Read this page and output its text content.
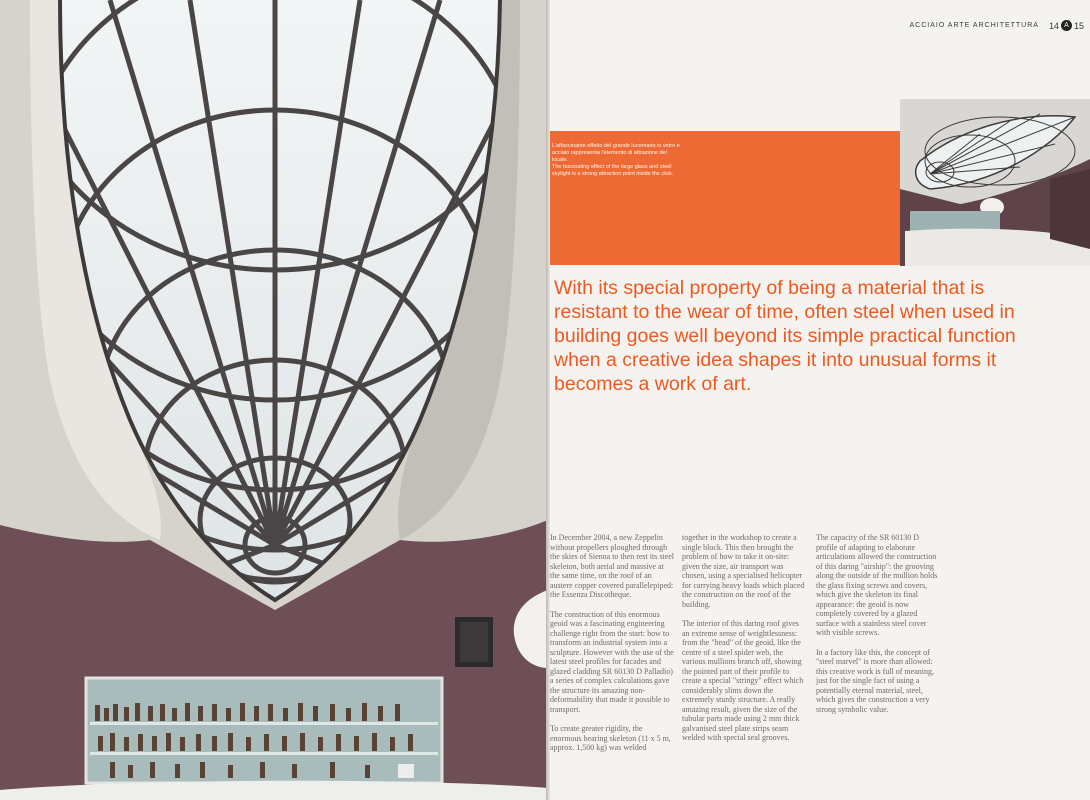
ACCIAIO ARTE ARCHITETTURA 14 A 15

L'affascinante effetto del grande lucernario in vetro e acciaio rappresenta l'elemento di attrazione del locale.

The fascinating effect of the large glass and steel skylight is a strong attraction point inside the club.

With its special property of being a material that is resistant to the wear of time, often steel when used in building goes well beyond its simple practical function when a creative idea shapes it into unusual forms it becomes a work of art.

In December 2004, a new Zeppelin without propellers ploughed through the skies of Sienna to then rest its steel skeleton, both aerial and massive at the same time, on the roof of an austere copper covered parallelepiped: the Essenza Discotheque.

The construction of this enormous geoid was a fascinating engineering challenge right from the start: how to transform an industrial system into a sculpture. However with the use of the latest steel profiles for facades and glazed cladding SR 60130 D Palladio) a series of complex calculations gave the structure its amazing non-deformability that made it possible to transport.

To create greater rigidity, the enormous bearing skeleton (11 x 5 m, approx. 1,500 kg) was welded

together in the workshop to create a single block. This then brought the problem of how to take it on-site: given the size, air transport was chosen, using a specialised helicopter for carrying heavy loads which placed the construction on the roof of the building.

The interior of this daring roof gives an extreme sense of weightlessness: from the "head" of the geoid, like the centre of a steel spider web, the various mullions branch off, showing the pointed part of their profile to create a special "stringy" effect which considerably slims down the extremely sturdy structure. A really amazing result, given the size of the tubular parts made using 2 mm thick galvanised steel plate strips seam welded with special seal grooves.

The capacity of the SR 60130 D profile of adapting to elaborate articulations allowed the construction of this daring "airship": the grooving along the outside of the mullion holds the glass fixing screws and covers, which give the skeleton its final appearance: the geoid is now completely covered by a glazed surface with a stainless steel cover with visible screws.

In a factory like this, the concept of "steel marvel" is more than allowed: this creative work is full of meaning, just for the single fact of using a potentially eternal material, steel, which gives the construction a very strong symbolic value.
